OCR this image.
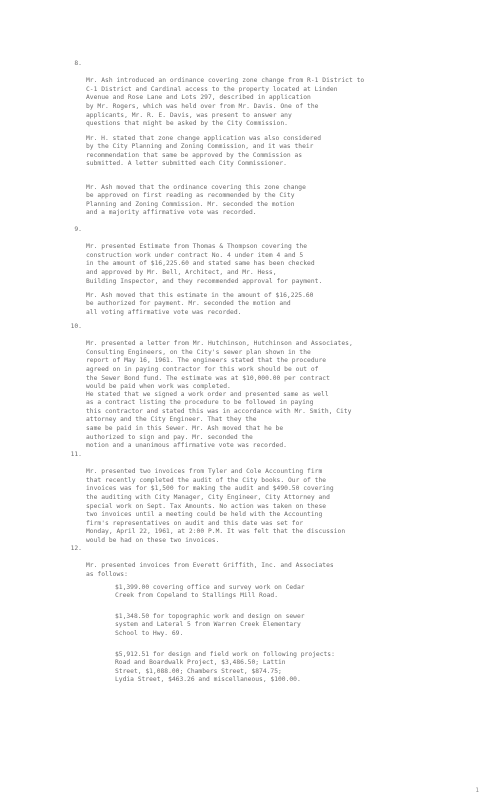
8.

Mr. Ash introduced an ordinance covering zone change from R-1 District to
C-1 District and Cardinal access to the property located at Linden
Avenue and Rose Lane and Lots 297, described in application
by Mr. Rogers, which was held over from Mr. Davis. One of the
applicants, Mr. R. E. Davis, was present to answer any
questions that might be asked by the City Commission.

Mr. H. stated that zone change application was also considered
by the City Planning and Zoning Commission, and it was their
recommendation that same be approved by the Commission as
submitted. A letter submitted each City Commissioner.

Mr. Ash moved that the ordinance covering this zone change
be approved on first reading as recommended by the City
Planning and Zoning Commission. Mr. seconded the motion
and a majority affirmative vote was recorded.

9.

Mr. presented Estimate from Thomas & Thompson covering the
construction work under contract No. 4 under item 4 and 5
in the amount of $16,225.60 and stated same has been checked
and approved by Mr. Bell, Architect, and Mr. Hess,
Building Inspector, and they recommended approval for payment.

Mr. Ash moved that this estimate in the amount of $16,225.60
be authorized for payment. Mr. seconded the motion and
all voting affirmative vote was recorded.

10.

Mr. presented a letter from Mr. Hutchinson, Hutchinson and Associates,
Consulting Engineers, on the City's sewer plan shown in the
report of May 16, 1961. The engineers stated that the procedure
agreed on in paying contractor for this work should be out of
the Sewer Bond fund. The estimate was at $10,000.00 per contract
would be paid when work was completed.

He stated that we signed a work order and presented same as well
as a contract listing the procedure to be followed in paying
this contractor and stated this was in accordance with Mr. Smith, City
attorney and the City Engineer. That they the
same be paid in this Sewer. Mr. Ash moved that he be
authorized to sign and pay. Mr. seconded the
motion and a unanimous affirmative vote was recorded.

11.

Mr. presented two invoices from Tyler and Cole Accounting firm
that recently completed the audit of the City books. Our of the
invoices was for $1,500 for making the audit and $490.50 covering
the auditing with City Manager, City Engineer, City Attorney and
special work on Sept. Tax Amounts. No action was taken on these
two invoices until a meeting could be held with the Accounting
firm's representatives on audit and this date was set for
Monday, April 22, 1961, at 2:00 P.M. It was felt that the discussion
would be had on these two invoices.

12.

Mr. presented invoices from Everett Griffith, Inc. and Associates
as follows:

$1,399.00 covering office and survey work on Cedar
Creek from Copeland to Stallings Mill Road.

$1,348.50 for topographic work and design on sewer
system and Lateral 5 from Warren Creek Elementary
School to Hwy. 69.

$5,912.51 for design and field work on following projects:
Road and Boardwalk Project, $3,486.50; Lattin
Street, $1,088.00; Chambers Street, $874.75;
Lydia Street, $463.26 and miscellaneous, $100.00.

1
